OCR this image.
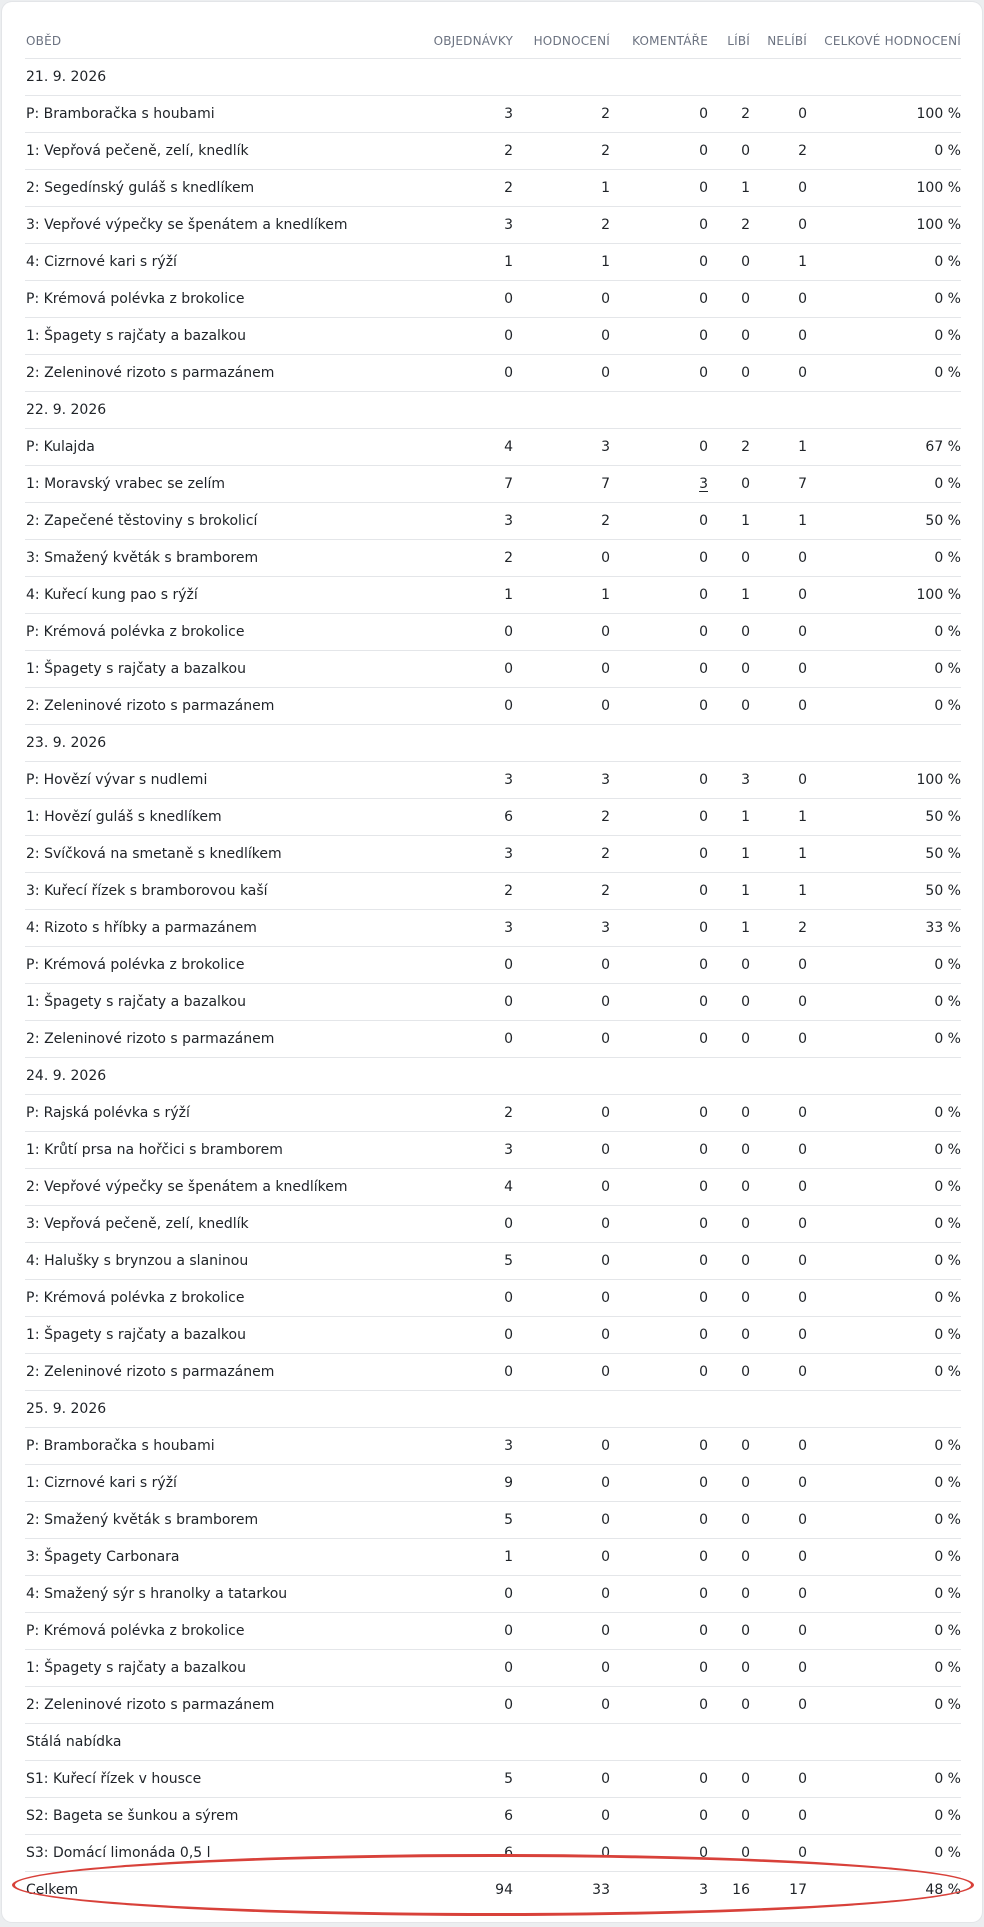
OBĚD	OBJEDNÁVKY	HODNOCENÍ	KOMENTÁŘE	LÍBÍ	NELÍBÍ	CELKOVÉ HODNOCENÍ
21. 9. 2026						
P: Bramboračka s houbami	3	2	0	2	0	100 %
1: Vepřová pečeně, zelí, knedlík	2	2	0	0	2	0 %
2: Segedínský guláš s knedlíkem	2	1	0	1	0	100 %
3: Vepřové výpečky se špenátem a knedlíkem	3	2	0	2	0	100 %
4: Cizrnové kari s rýží	1	1	0	0	1	0 %
P: Krémová polévka z brokolice	0	0	0	0	0	0 %
1: Špagety s rajčaty a bazalkou	0	0	0	0	0	0 %
2: Zeleninové rizoto s parmazánem	0	0	0	0	0	0 %
22. 9. 2026						
P: Kulajda	4	3	0	2	1	67 %
1: Moravský vrabec se zelím	7	7	3	0	7	0 %
2: Zapečené těstoviny s brokolicí	3	2	0	1	1	50 %
3: Smažený květák s bramborem	2	0	0	0	0	0 %
4: Kuřecí kung pao s rýží	1	1	0	1	0	100 %
P: Krémová polévka z brokolice	0	0	0	0	0	0 %
1: Špagety s rajčaty a bazalkou	0	0	0	0	0	0 %
2: Zeleninové rizoto s parmazánem	0	0	0	0	0	0 %
23. 9. 2026						
P: Hovězí vývar s nudlemi	3	3	0	3	0	100 %
1: Hovězí guláš s knedlíkem	6	2	0	1	1	50 %
2: Svíčková na smetaně s knedlíkem	3	2	0	1	1	50 %
3: Kuřecí řízek s bramborovou kaší	2	2	0	1	1	50 %
4: Rizoto s hříbky a parmazánem	3	3	0	1	2	33 %
P: Krémová polévka z brokolice	0	0	0	0	0	0 %
1: Špagety s rajčaty a bazalkou	0	0	0	0	0	0 %
2: Zeleninové rizoto s parmazánem	0	0	0	0	0	0 %
24. 9. 2026						
P: Rajská polévka s rýží	2	0	0	0	0	0 %
1: Krůtí prsa na hořčici s bramborem	3	0	0	0	0	0 %
2: Vepřové výpečky se špenátem a knedlíkem	4	0	0	0	0	0 %
3: Vepřová pečeně, zelí, knedlík	0	0	0	0	0	0 %
4: Halušky s brynzou a slaninou	5	0	0	0	0	0 %
P: Krémová polévka z brokolice	0	0	0	0	0	0 %
1: Špagety s rajčaty a bazalkou	0	0	0	0	0	0 %
2: Zeleninové rizoto s parmazánem	0	0	0	0	0	0 %
25. 9. 2026						
P: Bramboračka s houbami	3	0	0	0	0	0 %
1: Cizrnové kari s rýží	9	0	0	0	0	0 %
2: Smažený květák s bramborem	5	0	0	0	0	0 %
3: Špagety Carbonara	1	0	0	0	0	0 %
4: Smažený sýr s hranolky a tatarkou	0	0	0	0	0	0 %
P: Krémová polévka z brokolice	0	0	0	0	0	0 %
1: Špagety s rajčaty a bazalkou	0	0	0	0	0	0 %
2: Zeleninové rizoto s parmazánem	0	0	0	0	0	0 %
Stálá nabídka						
S1: Kuřecí řízek v housce	5	0	0	0	0	0 %
S2: Bageta se šunkou a sýrem	6	0	0	0	0	0 %
S3: Domácí limonáda 0,5 l	6	0	0	0	0	0 %
Celkem	94	33	3	16	17	48 %
